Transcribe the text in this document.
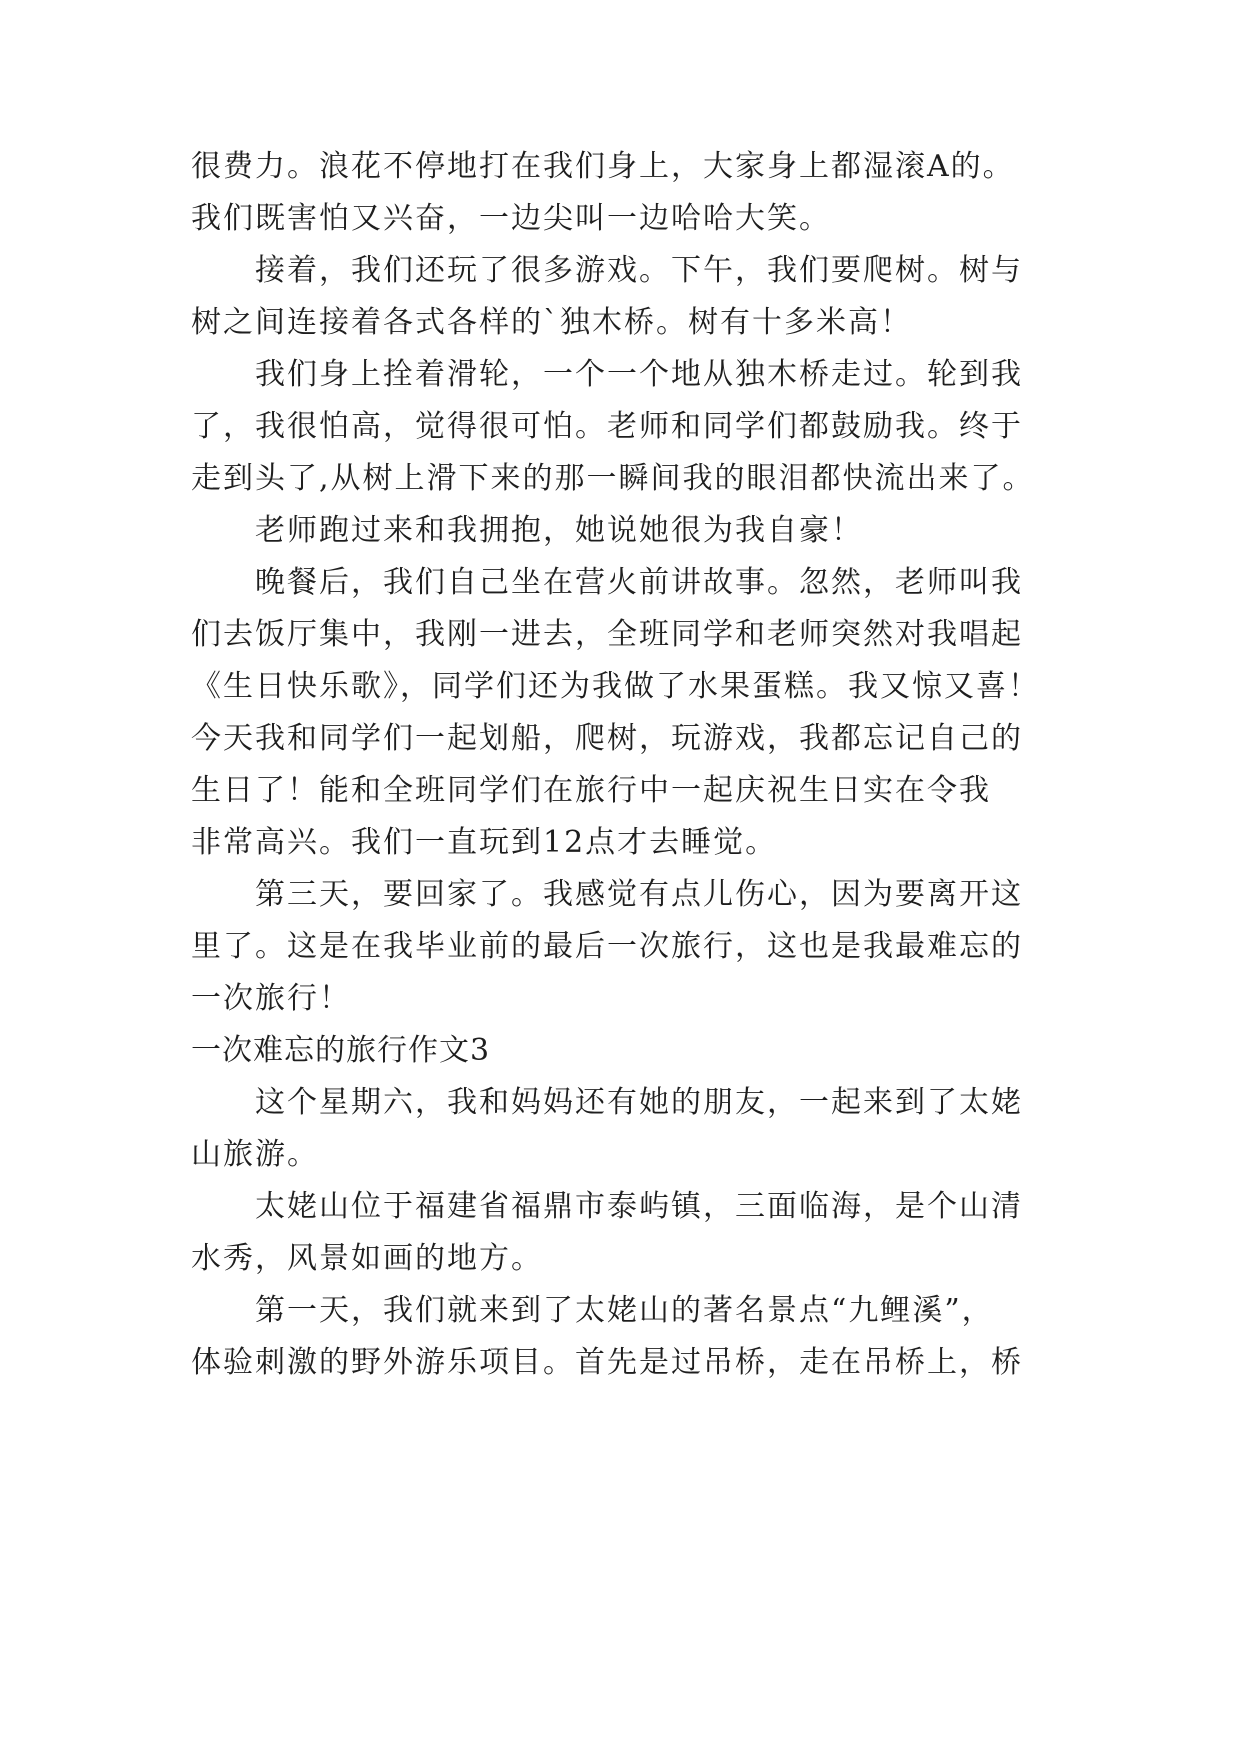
很费力。浪花不停地打在我们身上，大家身上都湿滚A的。
我们既害怕又兴奋，一边尖叫一边哈哈大笑。
接着，我们还玩了很多游戏。下午，我们要爬树。树与
树之间连接着各式各样的`独木桥。树有十多米高！
我们身上拴着滑轮，一个一个地从独木桥走过。轮到我
了，我很怕高，觉得很可怕。老师和同学们都鼓励我。终于
走到头了,从树上滑下来的那一瞬间我的眼泪都快流出来了。
老师跑过来和我拥抱，她说她很为我自豪！
晚餐后，我们自己坐在营火前讲故事。忽然，老师叫我
们去饭厅集中，我刚一进去，全班同学和老师突然对我唱起
《生日快乐歌》，同学们还为我做了水果蛋糕。我又惊又喜！
今天我和同学们一起划船，爬树，玩游戏，我都忘记自己的
生日了！能和全班同学们在旅行中一起庆祝生日实在令我
非常高兴。我们一直玩到12点才去睡觉。
第三天，要回家了。我感觉有点儿伤心，因为要离开这
里了。这是在我毕业前的最后一次旅行，这也是我最难忘的
一次旅行！
一次难忘的旅行作文3
这个星期六，我和妈妈还有她的朋友，一起来到了太姥
山旅游。
太姥山位于福建省福鼎市泰屿镇，三面临海，是个山清
水秀，风景如画的地方。
第一天，我们就来到了太姥山的著名景点“九鲤溪”，
体验刺激的野外游乐项目。首先是过吊桥，走在吊桥上，桥
